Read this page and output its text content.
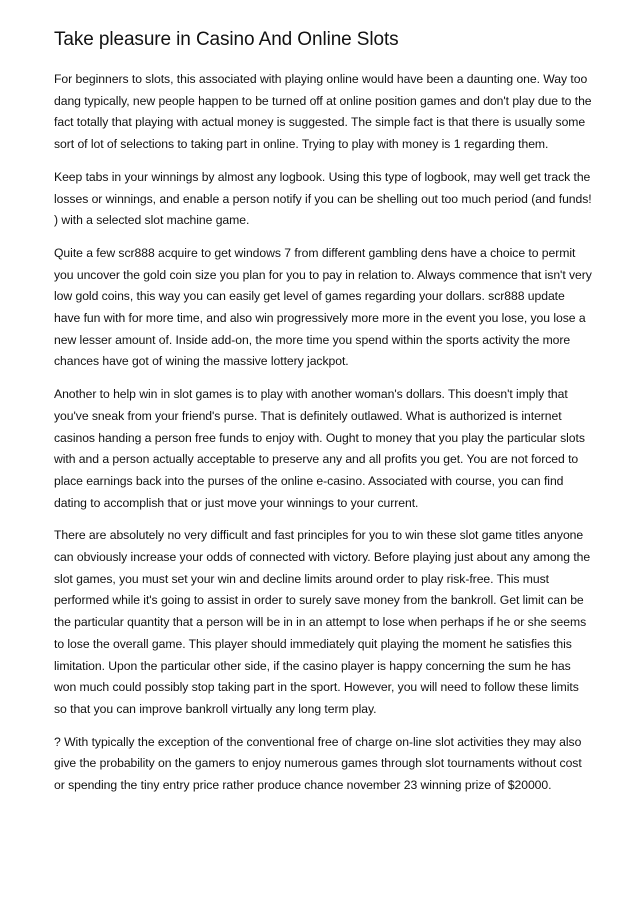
Take pleasure in Casino And Online Slots

For beginners to slots, this associated with playing online would have been a daunting one. Way too dang typically, new people happen to be turned off at online position games and don't play due to the fact totally that playing with actual money is suggested. The simple fact is that there is usually some sort of lot of selections to taking part in online. Trying to play with money is 1 regarding them.

Keep tabs in your winnings by almost any logbook. Using this type of logbook, may well get track the losses or winnings, and enable a person notify if you can be shelling out too much period (and funds! ) with a selected slot machine game.

Quite a few scr888 acquire to get windows 7 from different gambling dens have a choice to permit you uncover the gold coin size you plan for you to pay in relation to. Always commence that isn't very low gold coins, this way you can easily get level of games regarding your dollars. scr888 update have fun with for more time, and also win progressively more more in the event you lose, you lose a new lesser amount of. Inside add-on, the more time you spend within the sports activity the more chances have got of wining the massive lottery jackpot.

Another to help win in slot games is to play with another woman's dollars. This doesn't imply that you've sneak from your friend's purse. That is definitely outlawed. What is authorized is internet casinos handing a person free funds to enjoy with. Ought to money that you play the particular slots with and a person actually acceptable to preserve any and all profits you get. You are not forced to place earnings back into the purses of the online e-casino. Associated with course, you can find dating to accomplish that or just move your winnings to your current.

There are absolutely no very difficult and fast principles for you to win these slot game titles anyone can obviously increase your odds of connected with victory. Before playing just about any among the slot games, you must set your win and decline limits around order to play risk-free. This must performed while it's going to assist in order to surely save money from the bankroll. Get limit can be the particular quantity that a person will be in in an attempt to lose when perhaps if he or she seems to lose the overall game. This player should immediately quit playing the moment he satisfies this limitation. Upon the particular other side, if the casino player is happy concerning the sum he has won much could possibly stop taking part in the sport. However, you will need to follow these limits so that you can improve bankroll virtually any long term play.

? With typically the exception of the conventional free of charge on-line slot activities they may also give the probability on the gamers to enjoy numerous games through slot tournaments without cost or spending the tiny entry price rather produce chance november 23 winning prize of $20000.
